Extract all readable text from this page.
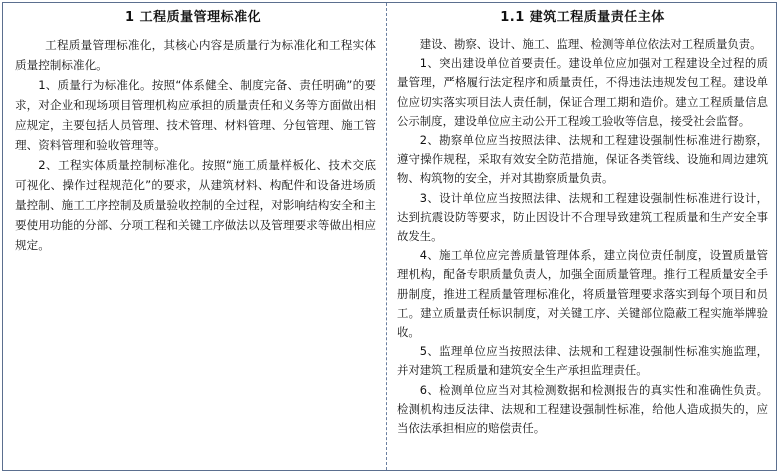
1 工程质量管理标准化

工程质量管理标准化，其核心内容是质量行为标准化和工程实体质量控制标准化。

1、质量行为标准化。按照“体系健全、制度完备、责任明确”的要求，对企业和现场项目管理机构应承担的质量责任和义务等方面做出相应规定，主要包括人员管理、技术管理、材料管理、分包管理、施工管理、资料管理和验收管理等。

2、工程实体质量控制标准化。按照“施工质量样板化、技术交底可视化、操作过程规范化”的要求，从建筑材料、构配件和设备进场质量控制、施工工序控制及质量验收控制的全过程，对影响结构安全和主要使用功能的分部、分项工程和关键工序做法以及管理要求等做出相应规定。

1.1 建筑工程质量责任主体

建设、勘察、设计、施工、监理、检测等单位依法对工程质量负责。

1、突出建设单位首要责任。建设单位应加强对工程建设全过程的质量管理，严格履行法定程序和质量责任，不得违法违规发包工程。建设单位应切实落实项目法人责任制，保证合理工期和造价。建立工程质量信息公示制度，建设单位应主动公开工程竣工验收等信息，接受社会监督。

2、勘察单位应当按照法律、法规和工程建设强制性标准进行勘察，遵守操作规程，采取有效安全防范措施，保证各类管线、设施和周边建筑物、构筑物的安全，并对其勘察质量负责。

3、设计单位应当按照法律、法规和工程建设强制性标准进行设计，达到抗震设防等要求，防止因设计不合理导致建筑工程质量和生产安全事故发生。

4、施工单位应完善质量管理体系，建立岗位责任制度，设置质量管理机构，配备专职质量负责人，加强全面质量管理。推行工程质量安全手册制度，推进工程质量管理标准化，将质量管理要求落实到每个项目和员工。建立质量责任标识制度，对关键工序、关键部位隐蔽工程实施举牌验收。

5、监理单位应当按照法律、法规和工程建设强制性标准实施监理，并对建筑工程质量和建筑安全生产承担监理责任。

6、检测单位应当对其检测数据和检测报告的真实性和准确性负责。检测机构违反法律、法规和工程建设强制性标准，给他人造成损失的，应当依法承担相应的赔偿责任。
